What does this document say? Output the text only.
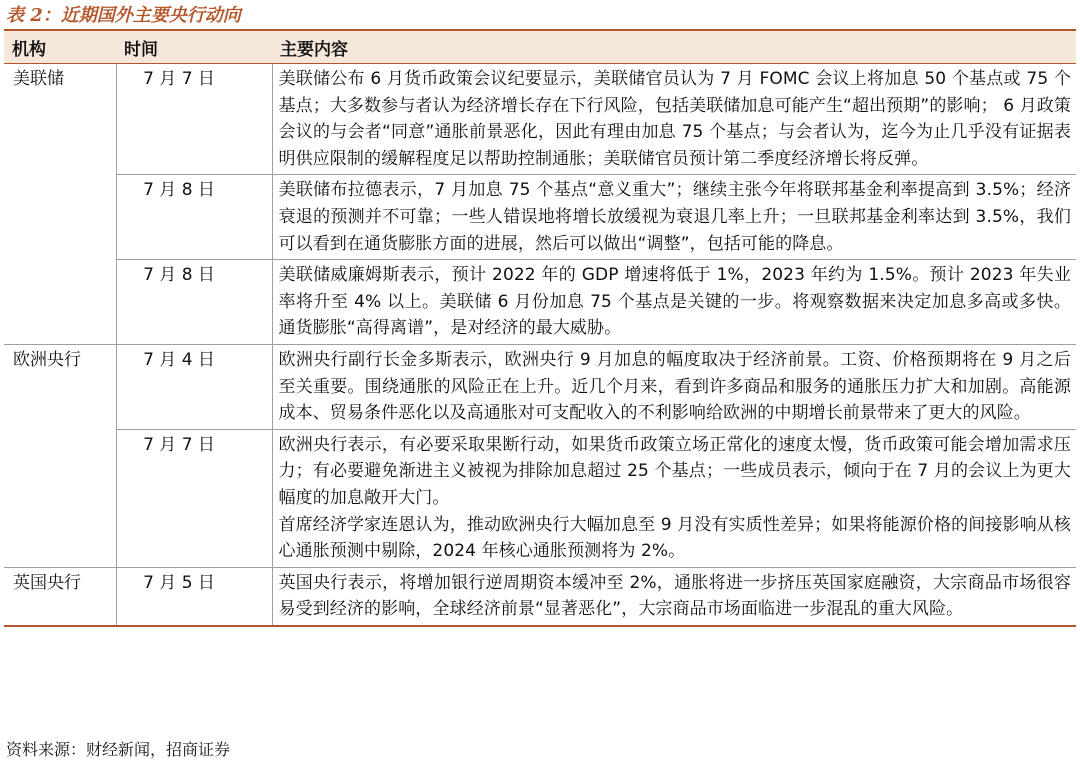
表 2：近期国外主要央行动向
机构	时间	主要内容
美联储	7 月 7 日	美联储公布 6 月货币政策会议纪要显示，美联储官员认为 7 月 FOMC 会议上将加息 50 个基点或 75 个基点；大多数参与者认为经济增长存在下行风险，包括美联储加息可能产生“超出预期”的影响； 6 月政策会议的与会者“同意”通胀前景恶化，因此有理由加息 75 个基点；与会者认为，迄今为止几乎没有证据表明供应限制的缓解程度足以帮助控制通胀；美联储官员预计第二季度经济增长将反弹。

	7 月 8 日	美联储布拉德表示，7 月加息 75 个基点“意义重大”；继续主张今年将联邦基金利率提高到 3.5%；经济衰退的预测并不可靠；一些人错误地将增长放缓视为衰退几率上升；一旦联邦基金利率达到 3.5%，我们可以看到在通货膨胀方面的进展，然后可以做出“调整”，包括可能的降息。

	7 月 8 日	美联储威廉姆斯表示，预计 2022 年的 GDP 增速将低于 1%，2023 年约为 1.5%。预计 2023 年失业率将升至 4% 以上。美联储 6 月份加息 75 个基点是关键的一步。将观察数据来决定加息多高或多快。通货膨胀“高得离谱”，是对经济的最大威胁。

欧洲央行	7 月 4 日	欧洲央行副行长金多斯表示，欧洲央行 9 月加息的幅度取决于经济前景。工资、价格预期将在 9 月之后至关重要。围绕通胀的风险正在上升。近几个月来，看到许多商品和服务的通胀压力扩大和加剧。高能源成本、贸易条件恶化以及高通胀对可支配收入的不利影响给欧洲的中期增长前景带来了更大的风险。

	7 月 7 日	欧洲央行表示，有必要采取果断行动，如果货币政策立场正常化的速度太慢，货币政策可能会增加需求压力；有必要避免渐进主义被视为排除加息超过 25 个基点；一些成员表示，倾向于在 7 月的会议上为更大幅度的加息敞开大门。

首席经济学家连恩认为，推动欧洲央行大幅加息至 9 月没有实质性差异；如果将能源价格的间接影响从核心通胀预测中剔除，2024 年核心通胀预测将为 2%。

英国央行	7 月 5 日	英国央行表示，将增加银行逆周期资本缓冲至 2%，通胀将进一步挤压英国家庭融资，大宗商品市场很容易受到经济的影响，全球经济前景“显著恶化”，大宗商品市场面临进一步混乱的重大风险。

资料来源：财经新闻，招商证券
